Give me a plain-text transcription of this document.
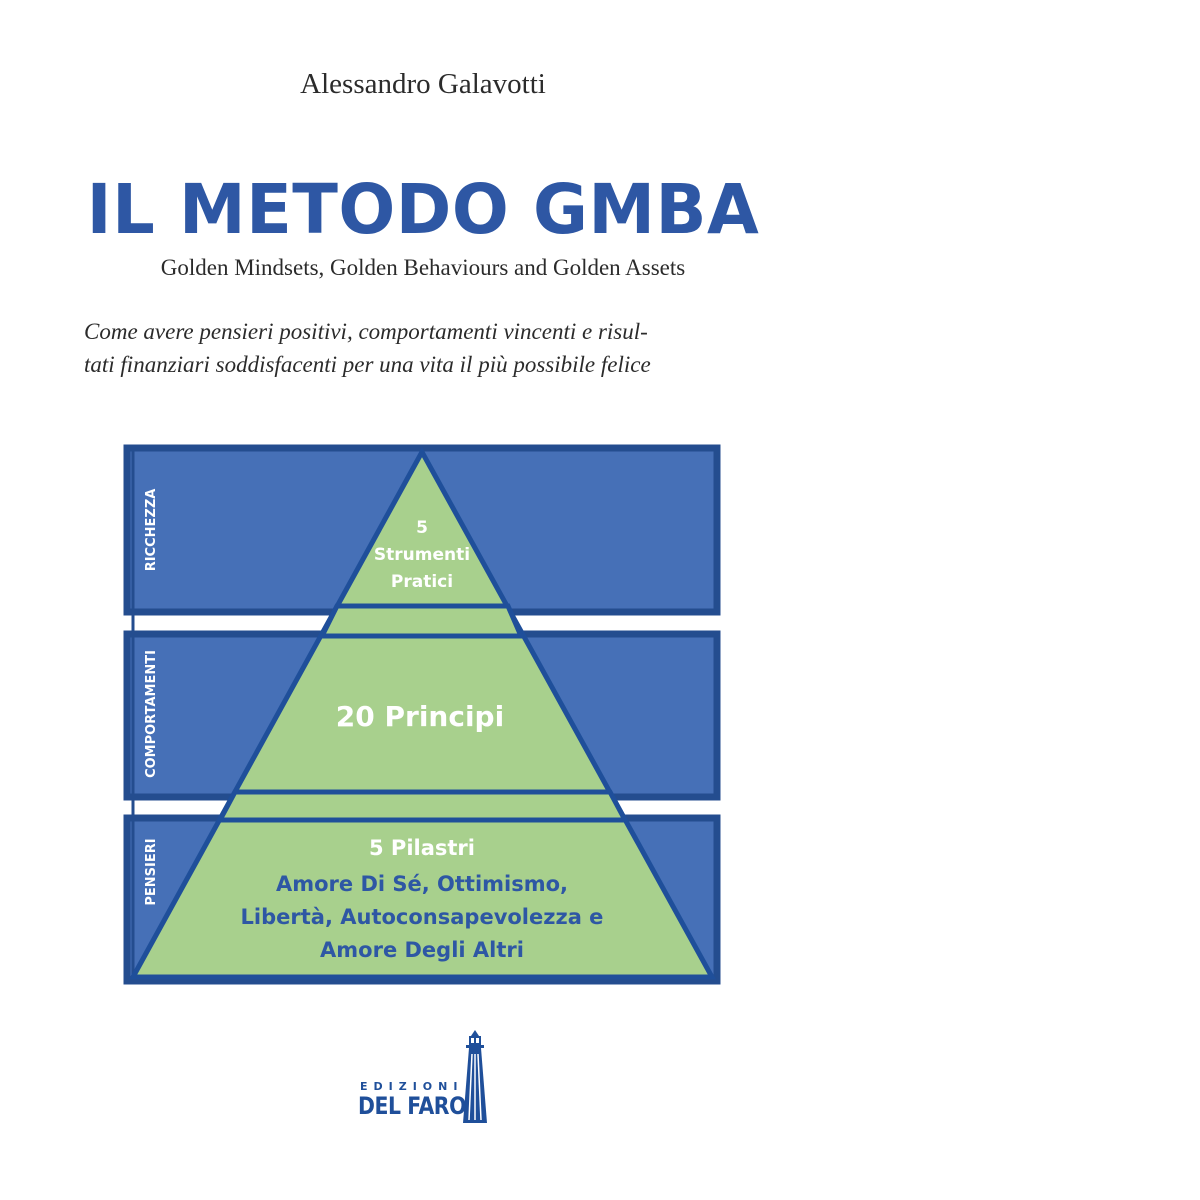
Alessandro Galavotti
IL METODO GMBA
Golden Mindsets, Golden Behaviours and Golden Assets
Come avere pensieri positivi, comportamenti vincenti e risul-
tati finanziari soddisfacenti per una vita il più possibile felice
RICCHEZZA
COMPORTAMENTI
PENSIERI
5
Strumenti
Pratici
20 Principi
5 Pilastri
Amore Di Sé, Ottimismo,
Libertà, Autoconsapevolezza e
Amore Degli Altri
EDIZIONI
DEL FARO
